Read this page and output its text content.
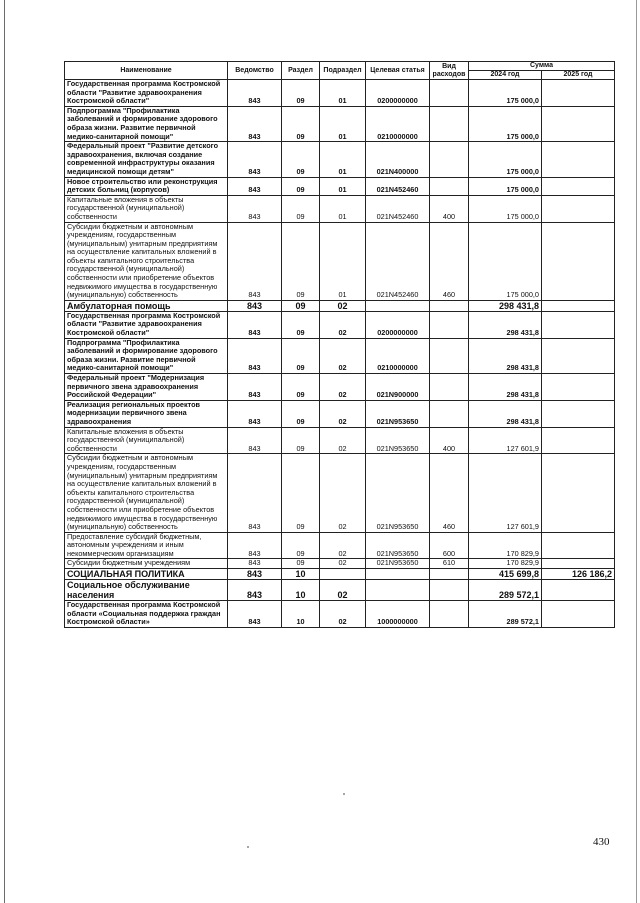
Наименование	Ведомство	Раздел	Подраздел	Целевая статья	Вид расходов	Сумма	
						2024 год	2025 год
Государственная программа Костромской области "Развитие здравоохранения Костромской области"	843	09	01	0200000000		175 000,0	
Подпрограмма "Профилактика заболеваний и формирование здорового образа жизни. Развитие первичной медико-санитарной помощи"	843	09	01	0210000000		175 000,0	
Федеральный проект "Развитие детского здравоохранения, включая создание современной инфраструктуры оказания медицинской помощи детям"	843	09	01	021N400000		175 000,0	
Новое строительство или реконструкция детских больниц (корпусов)	843	09	01	021N452460		175 000,0	
Капитальные вложения в объекты государственной (муниципальной) собственности	843	09	01	021N452460	400	175 000,0	
Субсидии бюджетным и автономным учреждениям, государственным (муниципальным) унитарным предприятиям на осуществление капитальных вложений в объекты капитального строительства государственной (муниципальной) собственности или приобретение объектов недвижимого имущества в государственную (муниципальную) собственность	843	09	01	021N452460	460	175 000,0	
Амбулаторная помощь	843	09	02			298 431,8	
Государственная программа Костромской области "Развитие здравоохранения Костромской области"	843	09	02	0200000000		298 431,8	
Подпрограмма "Профилактика заболеваний и формирование здорового образа жизни. Развитие первичной медико-санитарной помощи"	843	09	02	0210000000		298 431,8	
Федеральный проект "Модернизация первичного звена здравоохранения Российской Федерации"	843	09	02	021N900000		298 431,8	
Реализация региональных проектов модернизации первичного звена здравоохранения	843	09	02	021N953650		298 431,8	
Капитальные вложения в объекты государственной (муниципальной) собственности	843	09	02	021N953650	400	127 601,9	
Субсидии бюджетным и автономным учреждениям, государственным (муниципальным) унитарным предприятиям на осуществление капитальных вложений в объекты капитального строительства государственной (муниципальной) собственности или приобретение объектов недвижимого имущества в государственную (муниципальную) собственность	843	09	02	021N953650	460	127 601,9	
Предоставление субсидий бюджетным, автономным учреждениям и иным некоммерческим организациям	843	09	02	021N953650	600	170 829,9	
Субсидии бюджетным учреждениям	843	09	02	021N953650	610	170 829,9	
СОЦИАЛЬНАЯ ПОЛИТИКА	843	10				415 699,8	126 186,2
Социальное обслуживание населения	843	10	02			289 572,1	
Государственная программа Костромской области «Социальная поддержка граждан Костромской области»	843	10	02	1000000000		289 572,1	
430
